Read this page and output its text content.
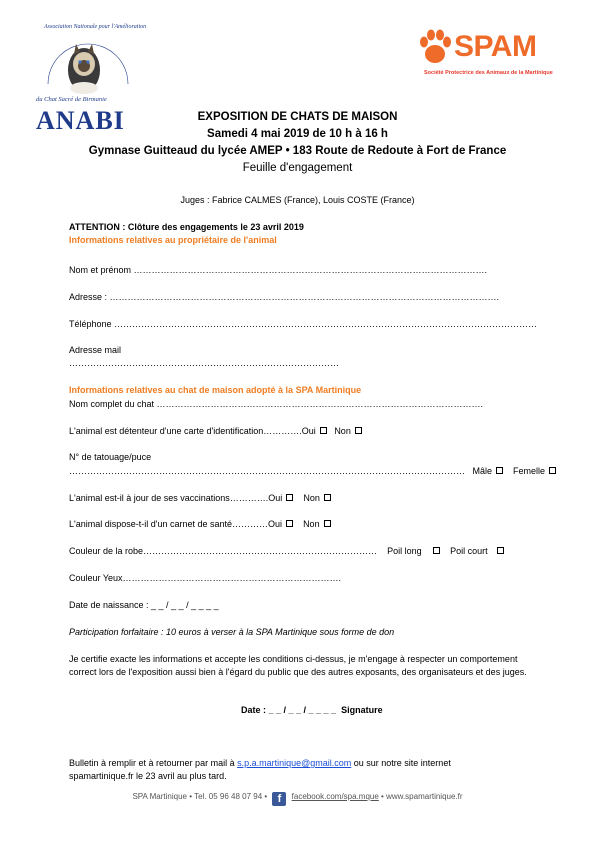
Association Nationale pour l'Amélioration
du Chat Sacré de Birmanie
ANABI
SPAM
Société Protectrice des Animaux de la Martinique
EXPOSITION DE CHATS DE MAISON
Samedi 4 mai 2019 de 10 h à 16 h
Gymnase Guitteaud du lycée AMEP • 183 Route de Redoute à Fort de France
Feuille d'engagement
Juges : Fabrice CALMES (France), Louis COSTE (France)
ATTENTION : Clôture des engagements le 23 avril 2019
Informations relatives au propriétaire de l'animal
Nom et prénom ……………………………………………………………………………………………………….
Adresse : ………………………………………………………………………………………………………………….
Téléphone ……………………………………………………………………………………………………………………………
Adresse mail
………………………………………………………………………………
Informations relatives au chat de maison adopté à la SPA Martinique
Nom complet du chat ……………………………………………………………………………………………….
L'animal est détenteur d'une carte d'identification………….Oui Non
N° de tatouage/puce
…………………………………………………………………………………………………………………… Mâle Femelle
L'animal est-il à jour de ses vaccinations………….Oui Non
L'animal dispose-t-il d'un carnet de santé…………Oui Non
Couleur de la robe…………………………………………………………………… Poil long	Poil court
Couleur Yeux……………………………………………………………….
Date de naissance : _ _ / _ _ / _ _ _ _
Participation forfaitaire : 10 euros à verser à la SPA Martinique sous forme de don
Je certifie exacte les informations et accepte les conditions ci-dessus, je m'engage à respecter un comportement correct lors de l'exposition aussi bien à l'égard du public que des autres exposants, des organisateurs et des juges.
Date : _ _ / _ _ / _ _ _ _ Signature
Bulletin à remplir et à retourner par mail à s.p.a.martinique@gmail.com ou sur notre site internet
spamartinique.fr le 23 avril au plus tard.
SPA Martinique • Tel. 05 96 48 07 94 • f facebook.com/spa.mque • www.spamartinique.fr
